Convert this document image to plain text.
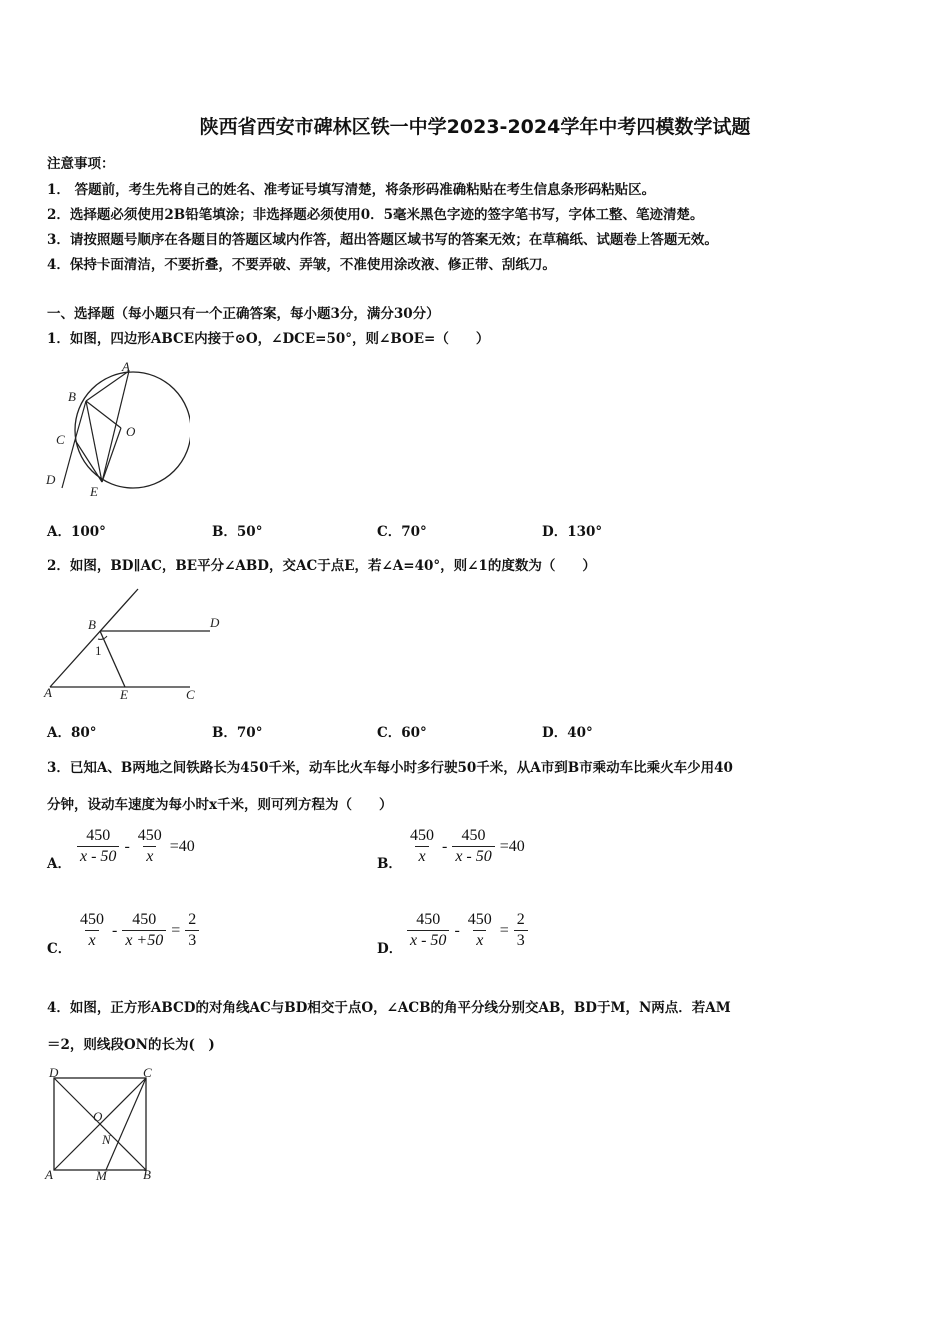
陕西省西安市碑林区铁一中学2023-2024学年中考四模数学试题
注意事项：
1． 答题前，考生先将自己的姓名、准考证号填写清楚，将条形码准确粘贴在考生信息条形码粘贴区。
2．选择题必须使用2B铅笔填涂；非选择题必须使用0．5毫米黑色字迹的签字笔书写，字体工整、笔迹清楚。
3．请按照题号顺序在各题目的答题区域内作答，超出答题区域书写的答案无效；在草稿纸、试题卷上答题无效。
4．保持卡面清洁，不要折叠，不要弄破、弄皱，不准使用涂改液、修正带、刮纸刀。
一、选择题（每小题只有一个正确答案，每小题3分，满分30分）
1．如图，四边形ABCE内接于⊙O，∠DCE=50°，则∠BOE=（　　）
A
B
C
O
D
E
A．100°	B．50°	C．70°	D．130°
2．如图，BD∥AC，BE平分∠ABD，交AC于点E，若∠A=40°，则∠1的度数为（　　）
B	D
1
A	E	C
A．80°	B．70°	C．60°	D．40°
3．已知A、B两地之间铁路长为450千米，动车比火车每小时多行驶50千米，从A市到B市乘动车比乘火车少用40
分钟，设动车速度为每小时x千米，则可列方程为（　　）
A． $\frac{450}{x - 50} - \frac{450}{x} =40$
B． $\frac{450}{x} - \frac{450}{x - 50} =40$
C． $\frac{450}{x} - \frac{450}{x +50} = \frac{2}{3}$	D． $\frac{450}{x - 50} - \frac{450}{x} = \frac{2}{3}$
4．如图，正方形ABCD的对角线AC与BD相交于点O，∠ACB的角平分线分别交AB，BD于M，N两点．若AM
＝2，则线段ON的长为(　)
D	C
O
N
A	M	B
